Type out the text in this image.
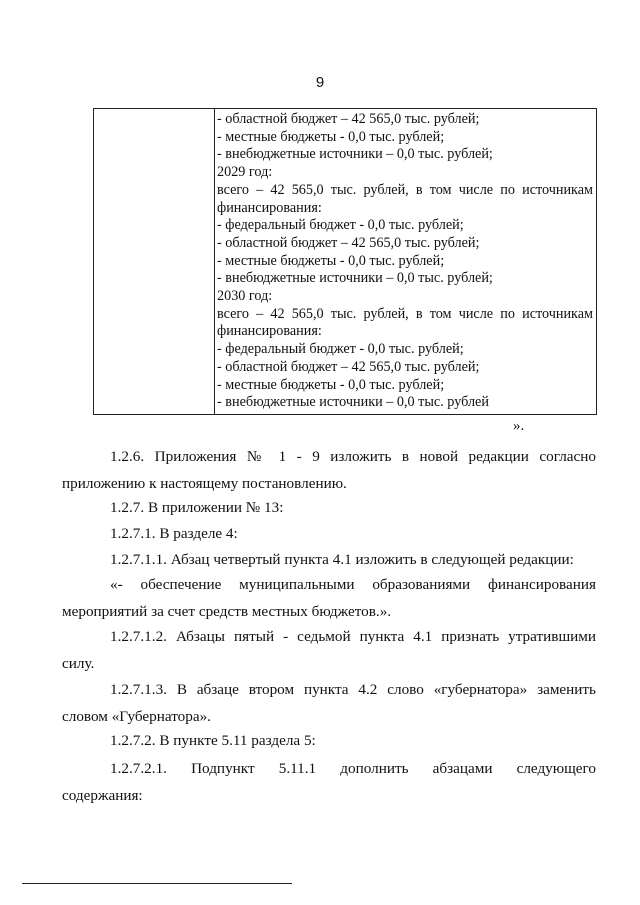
9
- областной бюджет – 42 565,0 тыс. рублей;
- местные бюджеты - 0,0 тыс. рублей;
- внебюджетные источники – 0,0 тыс. рублей;
2029 год:
всего – 42 565,0 тыс. рублей, в том числе по источникам
финансирования:
- федеральный бюджет - 0,0 тыс. рублей;
- областной бюджет – 42 565,0 тыс. рублей;
- местные бюджеты - 0,0 тыс. рублей;
- внебюджетные источники – 0,0 тыс. рублей;
2030 год:
всего – 42 565,0 тыс. рублей, в том числе по источникам
финансирования:
- федеральный бюджет - 0,0 тыс. рублей;
- областной бюджет – 42 565,0 тыс. рублей;
- местные бюджеты - 0,0 тыс. рублей;
- внебюджетные источники – 0,0 тыс. рублей
».
1.2.6. Приложения № 1 - 9 изложить в новой редакции согласно
приложению к настоящему постановлению.
1.2.7. В приложении № 13:
1.2.7.1. В разделе 4:
1.2.7.1.1. Абзац четвертый пункта 4.1 изложить в следующей редакции:
«- обеспечение муниципальными образованиями финансирования
мероприятий за счет средств местных бюджетов.».
1.2.7.1.2. Абзацы пятый - седьмой пункта 4.1 признать утратившими
силу.
1.2.7.1.3. В абзаце втором пункта 4.2 слово «губернатора» заменить
словом «Губернатора».
1.2.7.2. В пункте 5.11 раздела 5:
1.2.7.2.1. Подпункт 5.11.1 дополнить абзацами следующего
содержания:
